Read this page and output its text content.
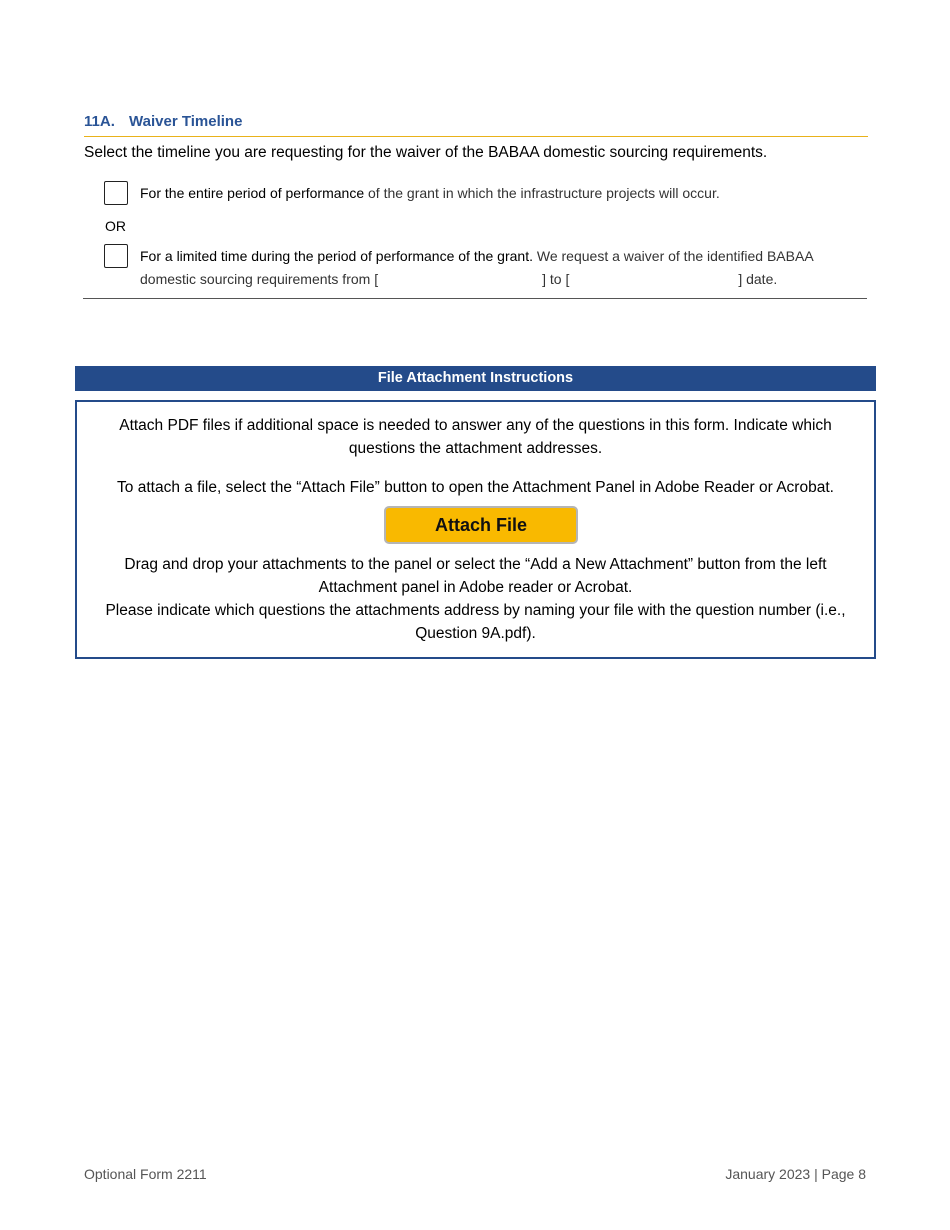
11A. Waiver Timeline
Select the timeline you are requesting for the waiver of the BABAA domestic sourcing requirements.
For the entire period of performance of the grant in which the infrastructure projects will occur.
OR
For a limited time during the period of performance of the grant. We request a waiver of the identified BABAA
domestic sourcing requirements from [	] to [	] date.
File Attachment Instructions

Attach PDF files if additional space is needed to answer any of the questions in this form. Indicate which questions the attachment addresses.

To attach a file, select the “Attach File” button to open the Attachment Panel in Adobe Reader or Acrobat.

Attach File

Drag and drop your attachments to the panel or select the “Add a New Attachment” button from the left Attachment panel in Adobe reader or Acrobat.

Please indicate which questions the attachments address by naming your file with the question number (i.e., Question 9A.pdf).

Optional Form 2211	January 2023 | Page 8
